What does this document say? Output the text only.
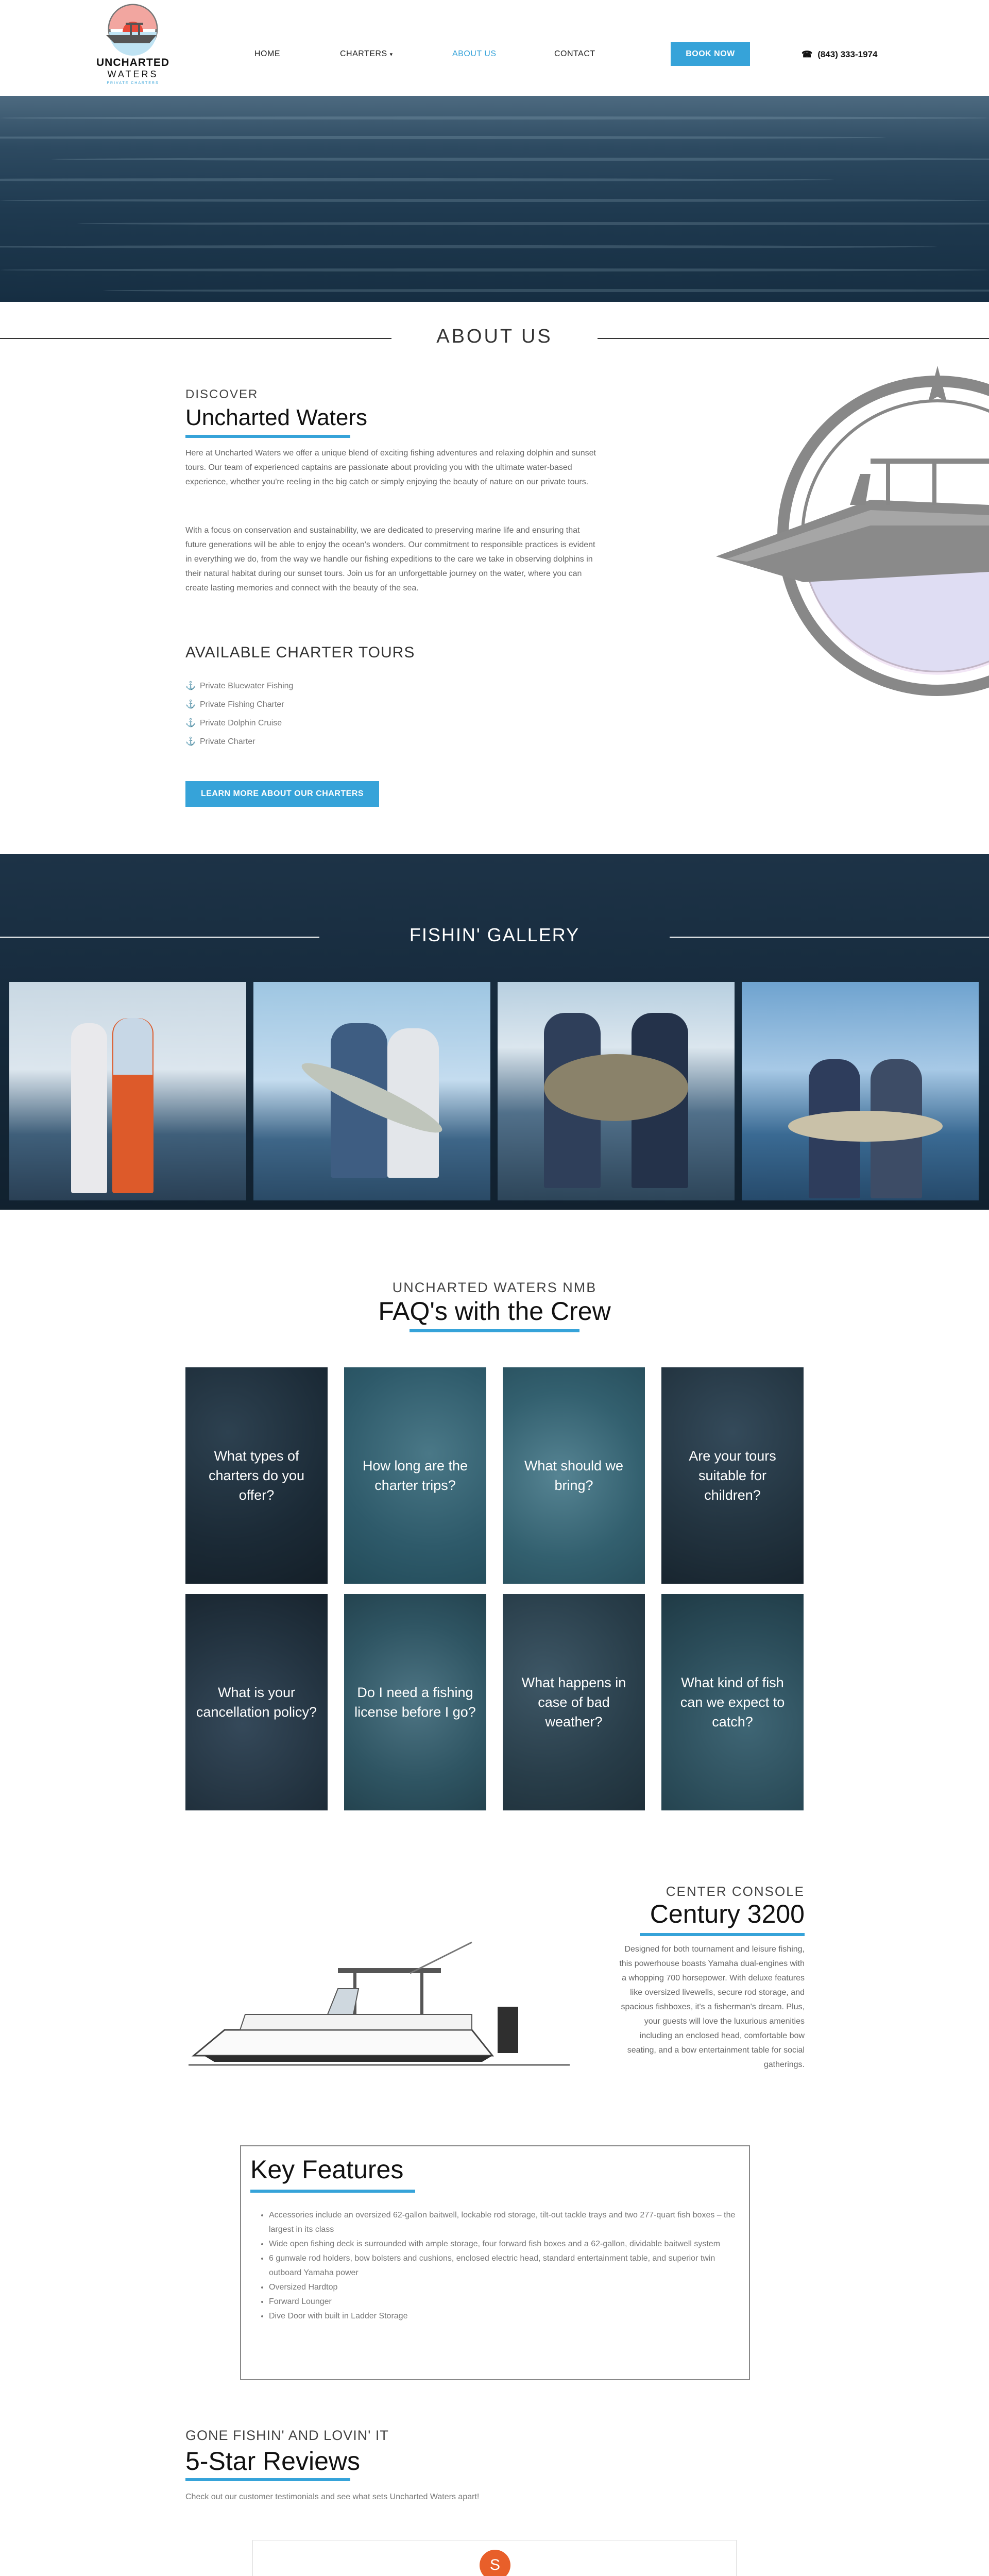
UNCHARTED
WATERS
PRIVATE CHARTERS
HOME	CHARTERS ▾	ABOUT US	CONTACT	BOOK NOW	☎ (843) 333-1974
ABOUT US
DISCOVER
Uncharted Waters
Here at Uncharted Waters we offer a unique blend of exciting fishing adventures and relaxing dolphin and sunset tours. Our team of experienced captains are passionate about providing you with the ultimate water-based experience, whether you're reeling in the big catch or simply enjoying the beauty of nature on our private tours.
With a focus on conservation and sustainability, we are dedicated to preserving marine life and ensuring that future generations will be able to enjoy the ocean's wonders. Our commitment to responsible practices is evident in everything we do, from the way we handle our fishing expeditions to the care we take in observing dolphins in their natural habitat during our sunset tours. Join us for an unforgettable journey on the water, where you can create lasting memories and connect with the beauty of the sea.
AVAILABLE CHARTER TOURS
⚓ Private Bluewater Fishing
⚓ Private Fishing Charter
⚓ Private Dolphin Cruise
⚓ Private Charter
LEARN MORE ABOUT OUR CHARTERS
FISHIN' GALLERY
UNCHARTED WATERS NMB
FAQ's with the Crew
What types of charters do you offer?
How long are the charter trips?
What should we bring?
Are your tours suitable for children?
What is your cancellation policy?
Do I need a fishing license before I go?
What happens in case of bad weather?
What kind of fish can we expect to catch?
CENTER CONSOLE
Century 3200
Designed for both tournament and leisure fishing, this powerhouse boasts Yamaha dual-engines with a whopping 700 horsepower. With deluxe features like oversized livewells, secure rod storage, and spacious fishboxes, it's a fisherman's dream. Plus, your guests will love the luxurious amenities including an enclosed head, comfortable bow seating, and a bow entertainment table for social gatherings.
Key Features
• Accessories include an oversized 62-gallon baitwell, lockable rod storage, tilt-out tackle trays and two 277-quart fish boxes – the largest in its class
• Wide open fishing deck is surrounded with ample storage, four forward fish boxes and a 62-gallon, dividable baitwell system
• 6 gunwale rod holders, bow bolsters and cushions, enclosed electric head, standard entertainment table, and superior twin outboard Yamaha power
• Oversized Hardtop
• Forward Lounger
• Dive Door with built in Ladder Storage
GONE FISHIN' AND LOVIN' IT
5-Star Reviews
Check out our customer testimonials and see what sets Uncharted Waters apart!
S
